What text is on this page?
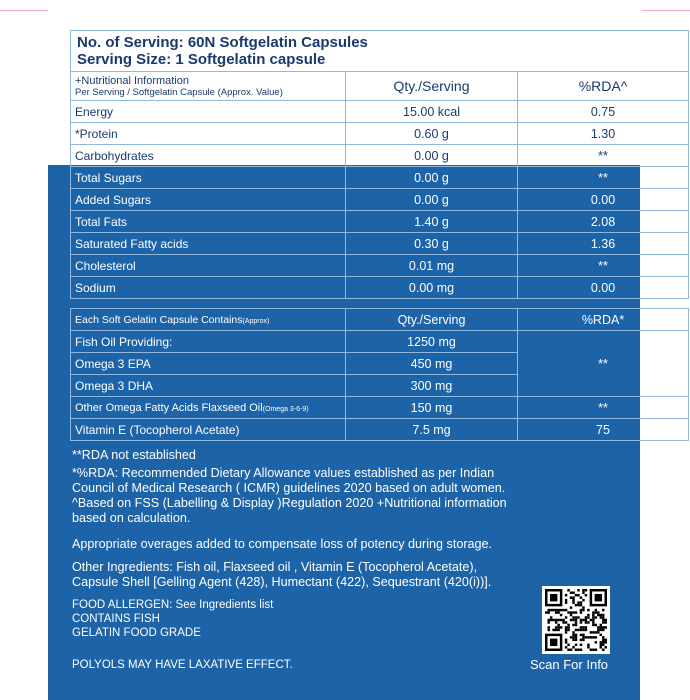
No. of Serving: 60N Softgelatin Capsules
Serving Size: 1 Softgelatin capsule		

+Nutritional Information
Per Serving / Softgelatin Capsule (Approx. Value)	Qty./Serving	%RDA^
Energy	15.00 kcal	0.75
*Protein	0.60 g	1.30
Carbohydrates	0.00 g	**
Total Sugars	0.00 g	**
Added Sugars	0.00 g	0.00
Total Fats	1.40 g	2.08
Saturated Fatty acids	0.30 g	1.36
Cholesterol	0.01 mg	**
Sodium	0.00 mg	0.00
Each Soft Gelatin Capsule Contains(Approx)	Qty./Serving	%RDA*
Fish Oil Providing:	1250 mg	**
Omega 3 EPA	450 mg	
Omega 3 DHA	300 mg	
Other Omega Fatty Acids Flaxseed Oil(Omega 3-6-9)	150 mg	**
Vitamin E (Tocopherol Acetate)	7.5 mg	75
**RDA not established
*%RDA: Recommended Dietary Allowance values established as per Indian
Council of Medical Research ( ICMR) guidelines 2020 based on adult women.
^Based on FSS (Labelling & Display )Regulation 2020 +Nutritional information
based on calculation.
Appropriate overages added to compensate loss of potency during storage.
Other Ingredients: Fish oil, Flaxseed oil , Vitamin E (Tocopherol Acetate),
Capsule Shell [Gelling Agent (428), Humectant (422), Sequestrant (420(i))].
FOOD ALLERGEN: See Ingredients list
CONTAINS FISH
GELATIN FOOD GRADE
POLYOLS MAY HAVE LAXATIVE EFFECT.	Scan For Info
